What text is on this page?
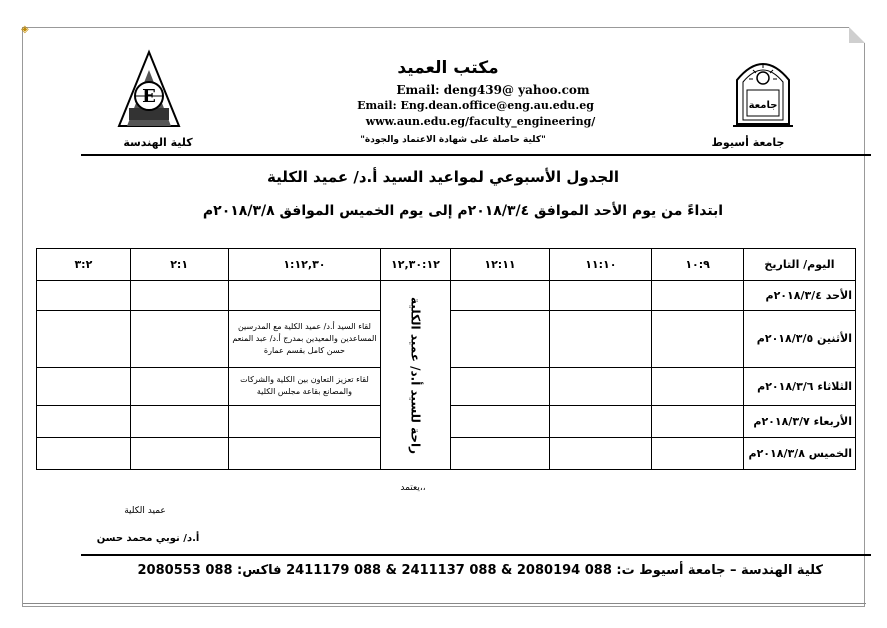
◈
E	جامعة
مكتب العميد
Email: deng439@ yahoo.com
Email: Eng.dean.office@eng.au.edu.eg
www.aun.edu.eg/faculty_engineering/
"كلية حاصلة على شهادة الاعتماد والجودة"
كلية الهندسة	جامعة أسيوط
الجدول الأسبوعي لمواعيد السيد أ.د/ عميد الكلية
ابتداءً من يوم الأحد الموافق ٢٠١٨/٣/٤م إلى يوم الخميس الموافق ٢٠١٨/٣/٨م
اليوم/ التاريخ	١٠:٩	١١:١٠	١٢:١١	١٢,٣٠:١٢	١:١٢,٣٠	٢:١	٣:٢
الأحد ٢٠١٨/٣/٤م				راحة للسيد أ.د/ عميد الكلية			

الأثنين ٢٠١٨/٣/٥م					لقاء السيد أ.د/ عميد الكلية مع المدرسين المساعدين والمعيدين بمدرج أ.د/ عبد المنعم حسن كامل بقسم عمارة		
الثلاثاء ٢٠١٨/٣/٦م					لقاء تعزيز التعاون بين الكلية والشركات والمصانع بقاعة مجلس الكلية		
الأربعاء ٢٠١٨/٣/٧م							
الخميس ٢٠١٨/٣/٨م							
يعتمد،،
عميد الكلية
أ.د/ نوبي محمد حسن
كلية الهندسة – جامعة أسيوط ت: 088 2080194 & 088 2411137 & 088 2411179 فاكس: 088 2080553
